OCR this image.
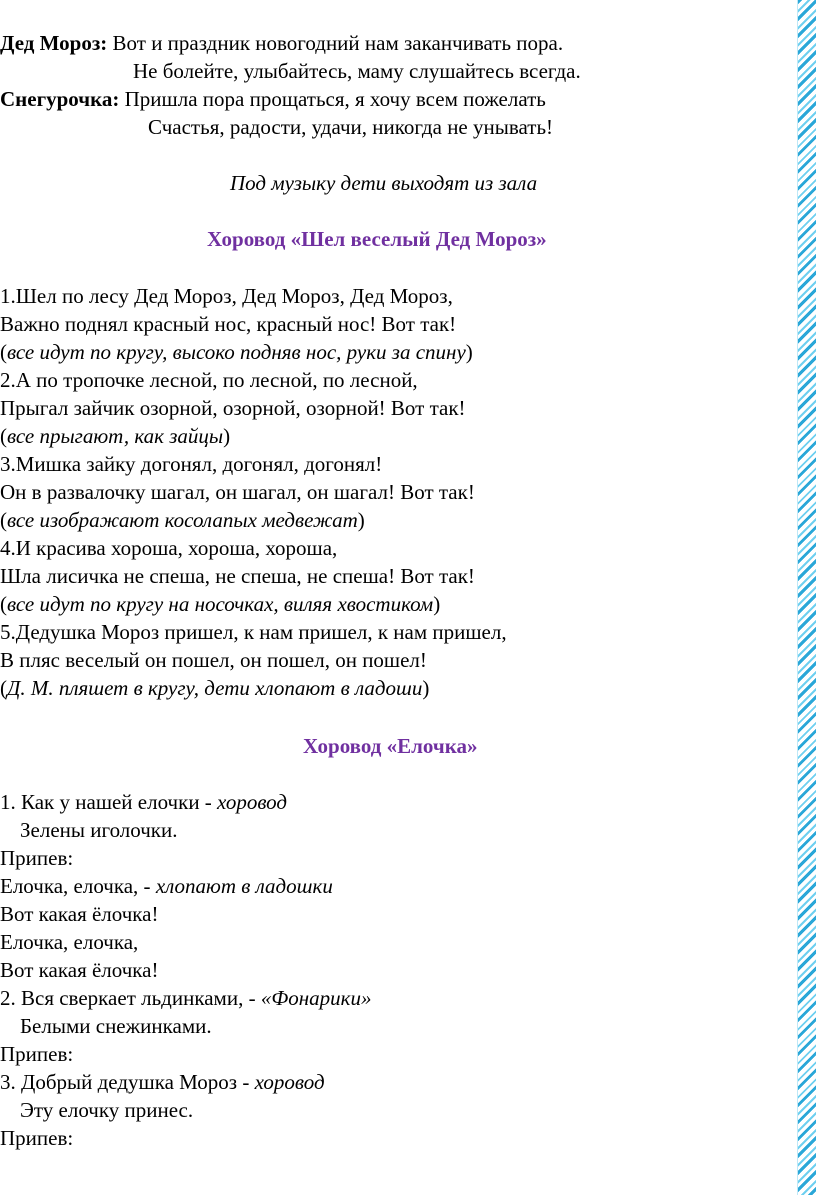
Дед Мороз: Вот и праздник новогодний нам заканчивать пора.
Не болейте, улыбайтесь, маму слушайтесь всегда.
Снегурочка: Пришла пора прощаться, я хочу всем пожелать
Счастья, радости, удачи, никогда не унывать!
Под музыку дети выходят из зала
Хоровод «Шел веселый Дед Мороз»
1.Шел по лесу Дед Мороз, Дед Мороз, Дед Мороз,
Важно поднял красный нос, красный нос! Вот так!
(все идут по кругу, высоко подняв нос, руки за спину)
2.А по тропочке лесной, по лесной, по лесной,
Прыгал зайчик озорной, озорной, озорной! Вот так!
(все прыгают, как зайцы)
3.Мишка зайку догонял, догонял, догонял!
Он в развалочку шагал, он шагал, он шагал! Вот так!
(все изображают косолапых медвежат)
4.И красива хороша, хороша, хороша,
Шла лисичка не спеша, не спеша, не спеша! Вот так!
(все идут по кругу на носочках, виляя хвостиком)
5.Дедушка Мороз пришел, к нам пришел, к нам пришел,
В пляс веселый он пошел, он пошел, он пошел!
(Д. М. пляшет в кругу, дети хлопают в ладоши)
Хоровод «Елочка»
1. Как у нашей елочки - хоровод
Зелены иголочки.
Припев:
Елочка, елочка, - хлопают в ладошки
Вот какая ёлочка!
Елочка, елочка,
Вот какая ёлочка!
2. Вся сверкает льдинками, - «Фонарики»
Белыми снежинками.
Припев:
3. Добрый дедушка Мороз - хоровод
Эту елочку принес.
Припев:
